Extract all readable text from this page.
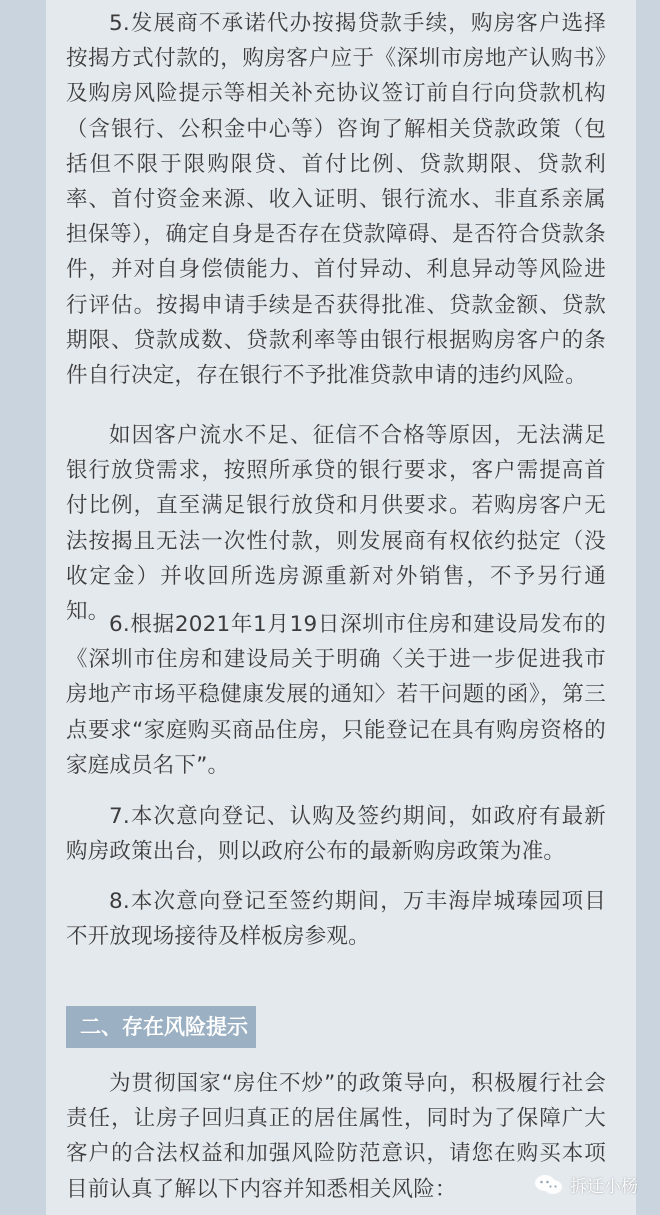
5.发展商不承诺代办按揭贷款手续，购房客户选择按揭方式付款的，购房客户应于《深圳市房地产认购书》及购房风险提示等相关补充协议签订前自行向贷款机构（含银行、公积金中心等）咨询了解相关贷款政策（包括但不限于限购限贷、首付比例、贷款期限、贷款利率、首付资金来源、收入证明、银行流水、非直系亲属担保等），确定自身是否存在贷款障碍、是否符合贷款条件，并对自身偿债能力、首付异动、利息异动等风险进行评估。按揭申请手续是否获得批准、贷款金额、贷款期限、贷款成数、贷款利率等由银行根据购房客户的条件自行决定，存在银行不予批准贷款申请的违约风险。

如因客户流水不足、征信不合格等原因，无法满足银行放贷需求，按照所承贷的银行要求，客户需提高首付比例，直至满足银行放贷和月供要求。若购房客户无法按揭且无法一次性付款，则发展商有权依约挞定（没收定金）并收回所选房源重新对外销售，不予另行通知。

6.根据2021年1月19日深圳市住房和建设局发布的《深圳市住房和建设局关于明确〈关于进一步促进我市房地产市场平稳健康发展的通知〉若干问题的函》，第三点要求“家庭购买商品住房，只能登记在具有购房资格的家庭成员名下”。

7.本次意向登记、认购及签约期间，如政府有最新购房政策出台，则以政府公布的最新购房政策为准。

8.本次意向登记至签约期间，万丰海岸城瑧园项目不开放现场接待及样板房参观。

二、存在风险提示

为贯彻国家“房住不炒”的政策导向，积极履行社会责任，让房子回归真正的居住属性，同时为了保障广大客户的合法权益和加强风险防范意识，请您在购买本项目前认真了解以下内容并知悉相关风险：	拆迁小杨
